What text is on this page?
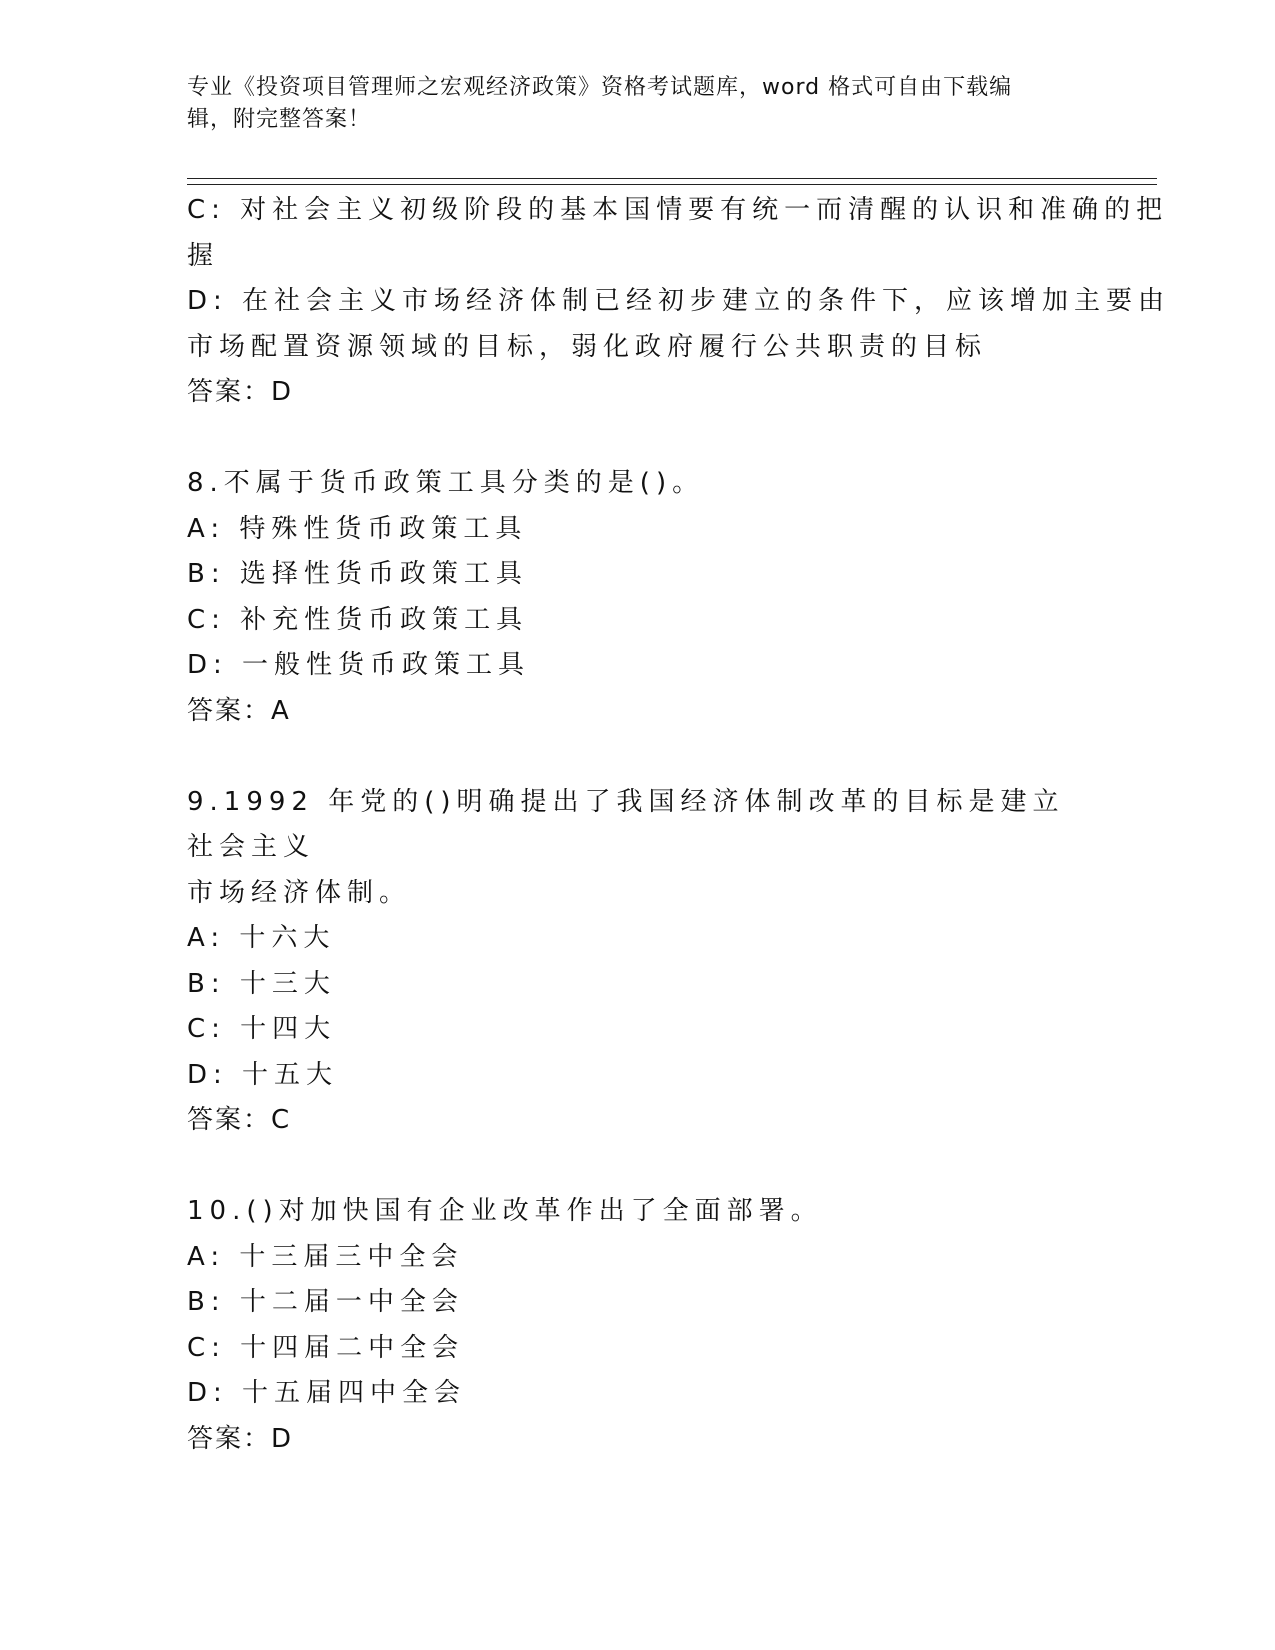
专业《投资项目管理师之宏观经济政策》资格考试题库，word 格式可自由下载编
辑，附完整答案！
C: 对社会主义初级阶段的基本国情要有统一而清醒的认识和准确的把
握
D: 在社会主义市场经济体制已经初步建立的条件下，应该增加主要由
市场配置资源领域的目标，弱化政府履行公共职责的目标
答案：D
8.不属于货币政策工具分类的是()。
A: 特殊性货币政策工具
B: 选择性货币政策工具
C: 补充性货币政策工具
D: 一般性货币政策工具
答案：A
9.1992 年党的()明确提出了我国经济体制改革的目标是建立社会主义
市场经济体制。
A: 十六大
B: 十三大
C: 十四大
D: 十五大
答案：C
10.()对加快国有企业改革作出了全面部署。
A: 十三届三中全会
B: 十二届一中全会
C: 十四届二中全会
D: 十五届四中全会
答案：D
